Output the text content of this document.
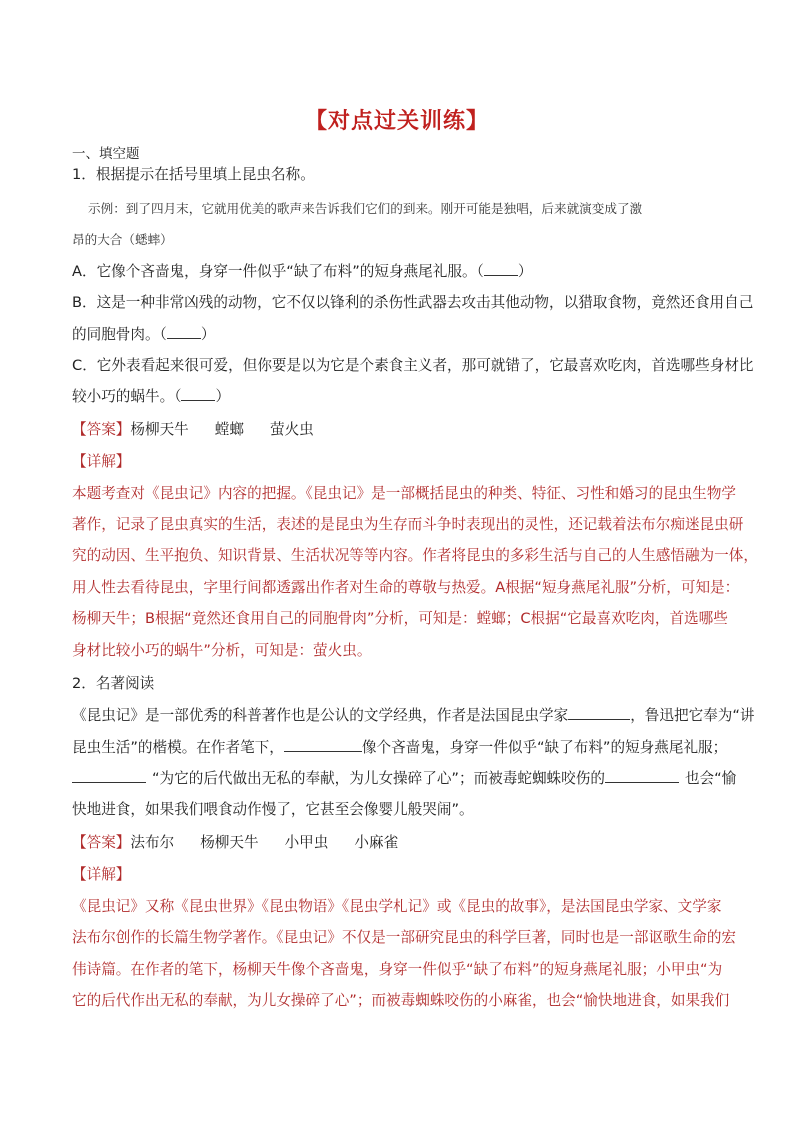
【对点过关训练】
一、填空题
1．根据提示在括号里填上昆虫名称。
示例：到了四月末，它就用优美的歌声来告诉我们它们的到来。刚开可能是独唱，后来就演变成了激
昂的大合（蟋蟀）
A．它像个吝啬鬼，身穿一件似乎“缺了布料”的短身燕尾礼服。（ ）
B．这是一种非常凶残的动物，它不仅以锋利的杀伤性武器去攻击其他动物，以猎取食物，竟然还食用自己
的同胞骨肉。（ ）
C．它外表看起来很可爱，但你要是以为它是个素食主义者，那可就错了，它最喜欢吃肉，首选哪些身材比
较小巧的蜗牛。（ ）
【答案】杨柳天牛 螳螂 萤火虫
【详解】
本题考查对《昆虫记》内容的把握。《昆虫记》是一部概括昆虫的种类、特征、习性和婚习的昆虫生物学
著作，记录了昆虫真实的生活，表述的是昆虫为生存而斗争时表现出的灵性，还记载着法布尔痴迷昆虫研
究的动因、生平抱负、知识背景、生活状况等等内容。作者将昆虫的多彩生活与自己的人生感悟融为一体，
用人性去看待昆虫，字里行间都透露出作者对生命的尊敬与热爱。A根据“短身燕尾礼服”分析，可知是：
杨柳天牛；B根据“竟然还食用自己的同胞骨肉”分析，可知是：螳螂；C根据“它最喜欢吃肉，首选哪些
身材比较小巧的蜗牛”分析，可知是：萤火虫。
2．名著阅读
《昆虫记》是一部优秀的科普著作也是公认的文学经典，作者是法国昆虫学家	，鲁迅把它奉为“讲
昆虫生活”的楷模。在作者笔下，	像个吝啬鬼，身穿一件似乎“缺了布料”的短身燕尾礼服；
“为它的后代做出无私的奉献，为儿女操碎了心”；而被毒蛇蜘蛛咬伤的	也会“愉
快地进食，如果我们喂食动作慢了，它甚至会像婴儿般哭闹”。
【答案】法布尔 杨柳天牛 小甲虫 小麻雀
【详解】
《昆虫记》又称《昆虫世界》《昆虫物语》《昆虫学札记》或《昆虫的故事》，是法国昆虫学家、文学家
法布尔创作的长篇生物学著作。《昆虫记》不仅是一部研究昆虫的科学巨著，同时也是一部讴歌生命的宏
伟诗篇。在作者的笔下，杨柳天牛像个吝啬鬼，身穿一件似乎“缺了布料”的短身燕尾礼服；小甲虫“为
它的后代作出无私的奉献，为儿女操碎了心”；而被毒蜘蛛咬伤的小麻雀，也会“愉快地进食，如果我们
